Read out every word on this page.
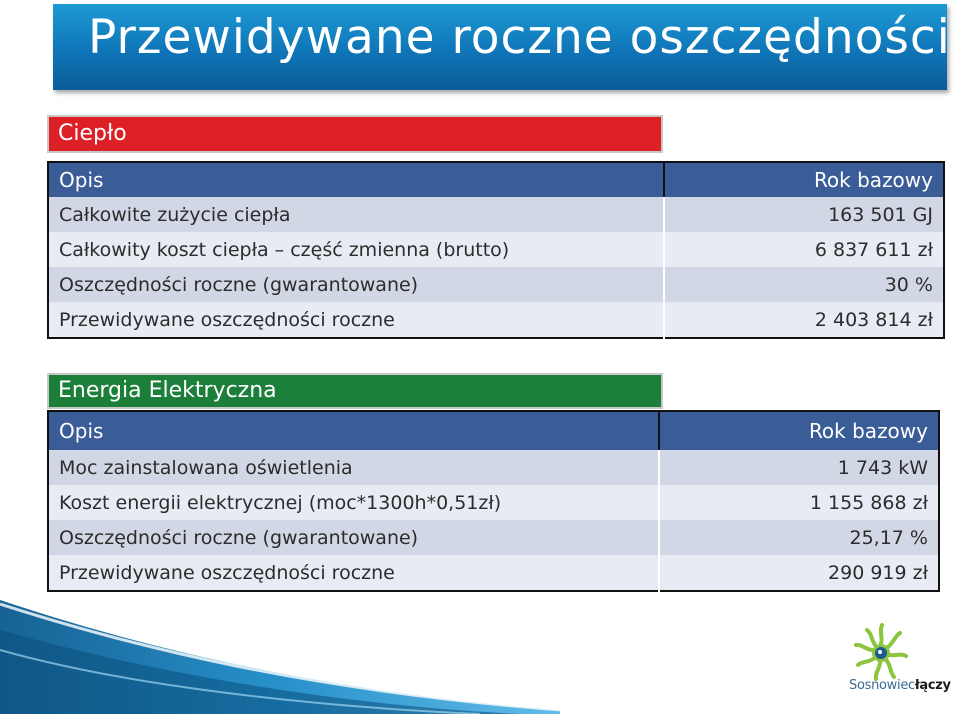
Przewidywane roczne oszczędności
Ciepło
Opis	Rok bazowy
Całkowite zużycie ciepła	163 501 GJ
Całkowity koszt ciepła – część zmienna (brutto)	6 837 611 zł
Oszczędności roczne (gwarantowane)	30 %
Przewidywane oszczędności roczne	2 403 814 zł
Energia Elektryczna
Opis	Rok bazowy
Moc zainstalowana oświetlenia	1 743 kW
Koszt energii elektrycznej (moc*1300h*0,51zł)	1 155 868 zł
Oszczędności roczne (gwarantowane)	25,17 %
Przewidywane oszczędności roczne	290 919 zł
Sosnowiecłączy
